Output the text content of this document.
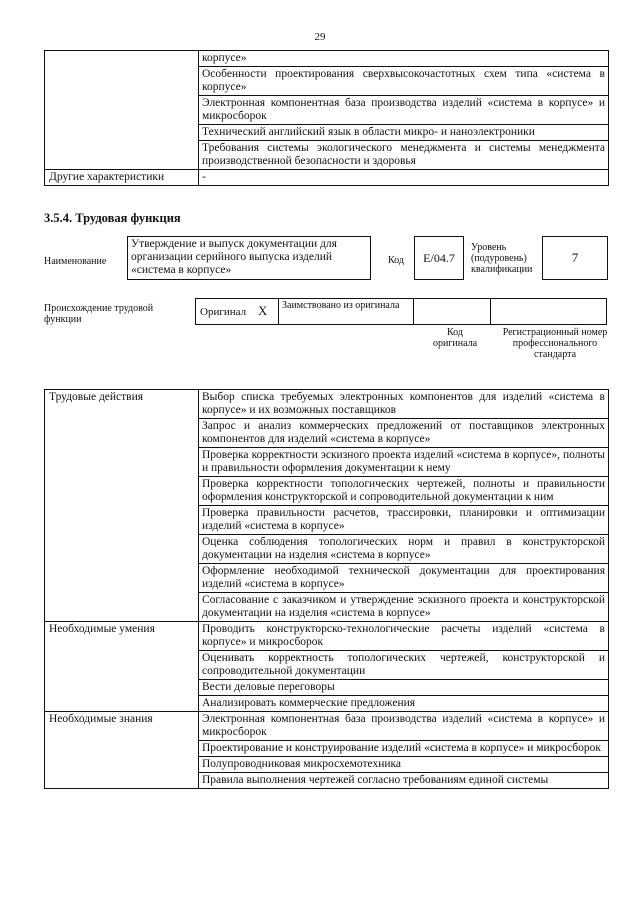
29
	корпусе»
	Особенности проектирования сверхвысокочастотных схем типа «система в корпусе»
	Электронная компонентная база производства изделий «система в корпусе» и микросборок
	Технический английский язык в области микро- и наноэлектроники
	Требования системы экологического менеджмента и системы менеджмента производственной безопасности и здоровья
Другие характеристики	-
3.5.4. Трудовая функция
Наименование
Утверждение и выпуск документации для организации серийного выпуска изделий «система в корпусе»
Код	E/04.7
Уровень (подуровень) квалификации
7
Происхождение трудовой функции
Оригинал X	Заимствовано из оригинала
Код оригинала
Регистрационный номер профессионального стандарта
Трудовые действия	Выбор списка требуемых электронных компонентов для изделий «система в корпусе» и их возможных поставщиков
	Запрос и анализ коммерческих предложений от поставщиков электронных компонентов для изделий «система в корпусе»
	Проверка корректности эскизного проекта изделий «система в корпусе», полноты и правильности оформления документации к нему
	Проверка корректности топологических чертежей, полноты и правильности оформления конструкторской и сопроводительной документации к ним
	Проверка правильности расчетов, трассировки, планировки и оптимизации изделий «система в корпусе»
	Оценка соблюдения топологических норм и правил в конструкторской документации на изделия «система в корпусе»
	Оформление необходимой технической документации для проектирования изделий «система в корпусе»
	Согласование с заказчиком и утверждение эскизного проекта и конструкторской документации на изделия «система в корпусе»
Необходимые умения	Проводить конструкторско-технологические расчеты изделий «система в корпусе» и микросборок
	Оценивать корректность топологических чертежей, конструкторской и сопроводительной документации
	Вести деловые переговоры
	Анализировать коммерческие предложения
Необходимые знания	Электронная компонентная база производства изделий «система в корпусе» и микросборок
	Проектирование и конструирование изделий «система в корпусе» и микросборок
	Полупроводниковая микросхемотехника
	Правила выполнения чертежей согласно требованиям единой системы
